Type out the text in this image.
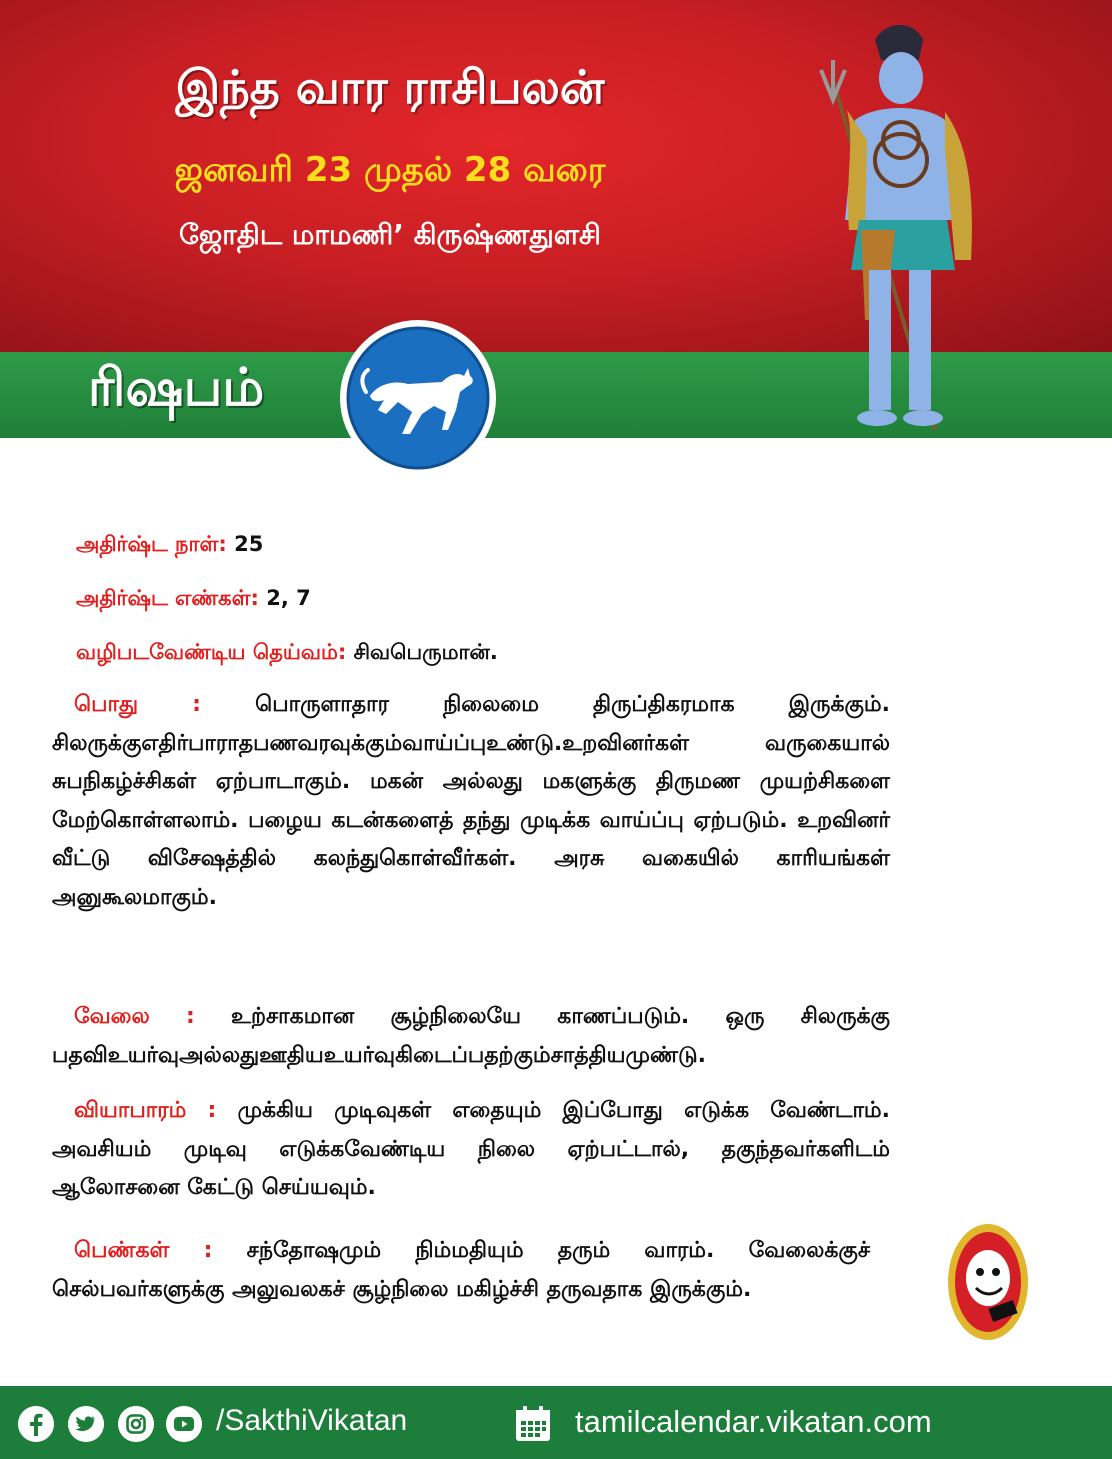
இந்த வார ராசிபலன்
ஜனவரி 23 முதல் 28 வரை
ஜோதிட மாமணி’ கிருஷ்ணதுளசி
ரிஷபம்
அதிர்ஷ்ட நாள்: 25
அதிர்ஷ்ட எண்கள்: 2, 7
வழிபடவேண்டிய தெய்வம்: சிவபெருமான்.

பொது : பொருளாதார நிலைமை திருப்திகரமாக இருக்கும். சிலருக்குஎதிர்பாராதபணவரவுக்கும்வாய்ப்புஉண்டு.உறவினர்கள் வருகையால் சுபநிகழ்ச்சிகள் ஏற்பாடாகும். மகன் அல்லது மகளுக்கு திருமண முயற்சிகளை மேற்கொள்ளலாம். பழைய கடன்களைத் தந்து முடிக்க வாய்ப்பு ஏற்படும். உறவினர் வீட்டு விசேஷத்தில் கலந்துகொள்வீர்கள். அரசு வகையில் காரியங்கள் அனுகூலமாகும்.

வேலை : உற்சாகமான சூழ்நிலையே காணப்படும். ஒரு சிலருக்கு பதவிஉயர்வுஅல்லதுஊதியஉயர்வுகிடைப்பதற்கும்சாத்தியமுண்டு.

வியாபாரம் : முக்கிய முடிவுகள் எதையும் இப்போது எடுக்க வேண்டாம். அவசியம் முடிவு எடுக்கவேண்டிய நிலை ஏற்பட்டால், தகுந்தவர்களிடம் ஆலோசனை கேட்டு செய்யவும்.

பெண்கள் : சந்தோஷமும் நிம்மதியும் தரும் வாரம். வேலைக்குச் செல்பவர்களுக்கு அலுவலகச் சூழ்நிலை மகிழ்ச்சி தருவதாக இருக்கும்.

/SakthiVikatan	tamilcalendar.vikatan.com
